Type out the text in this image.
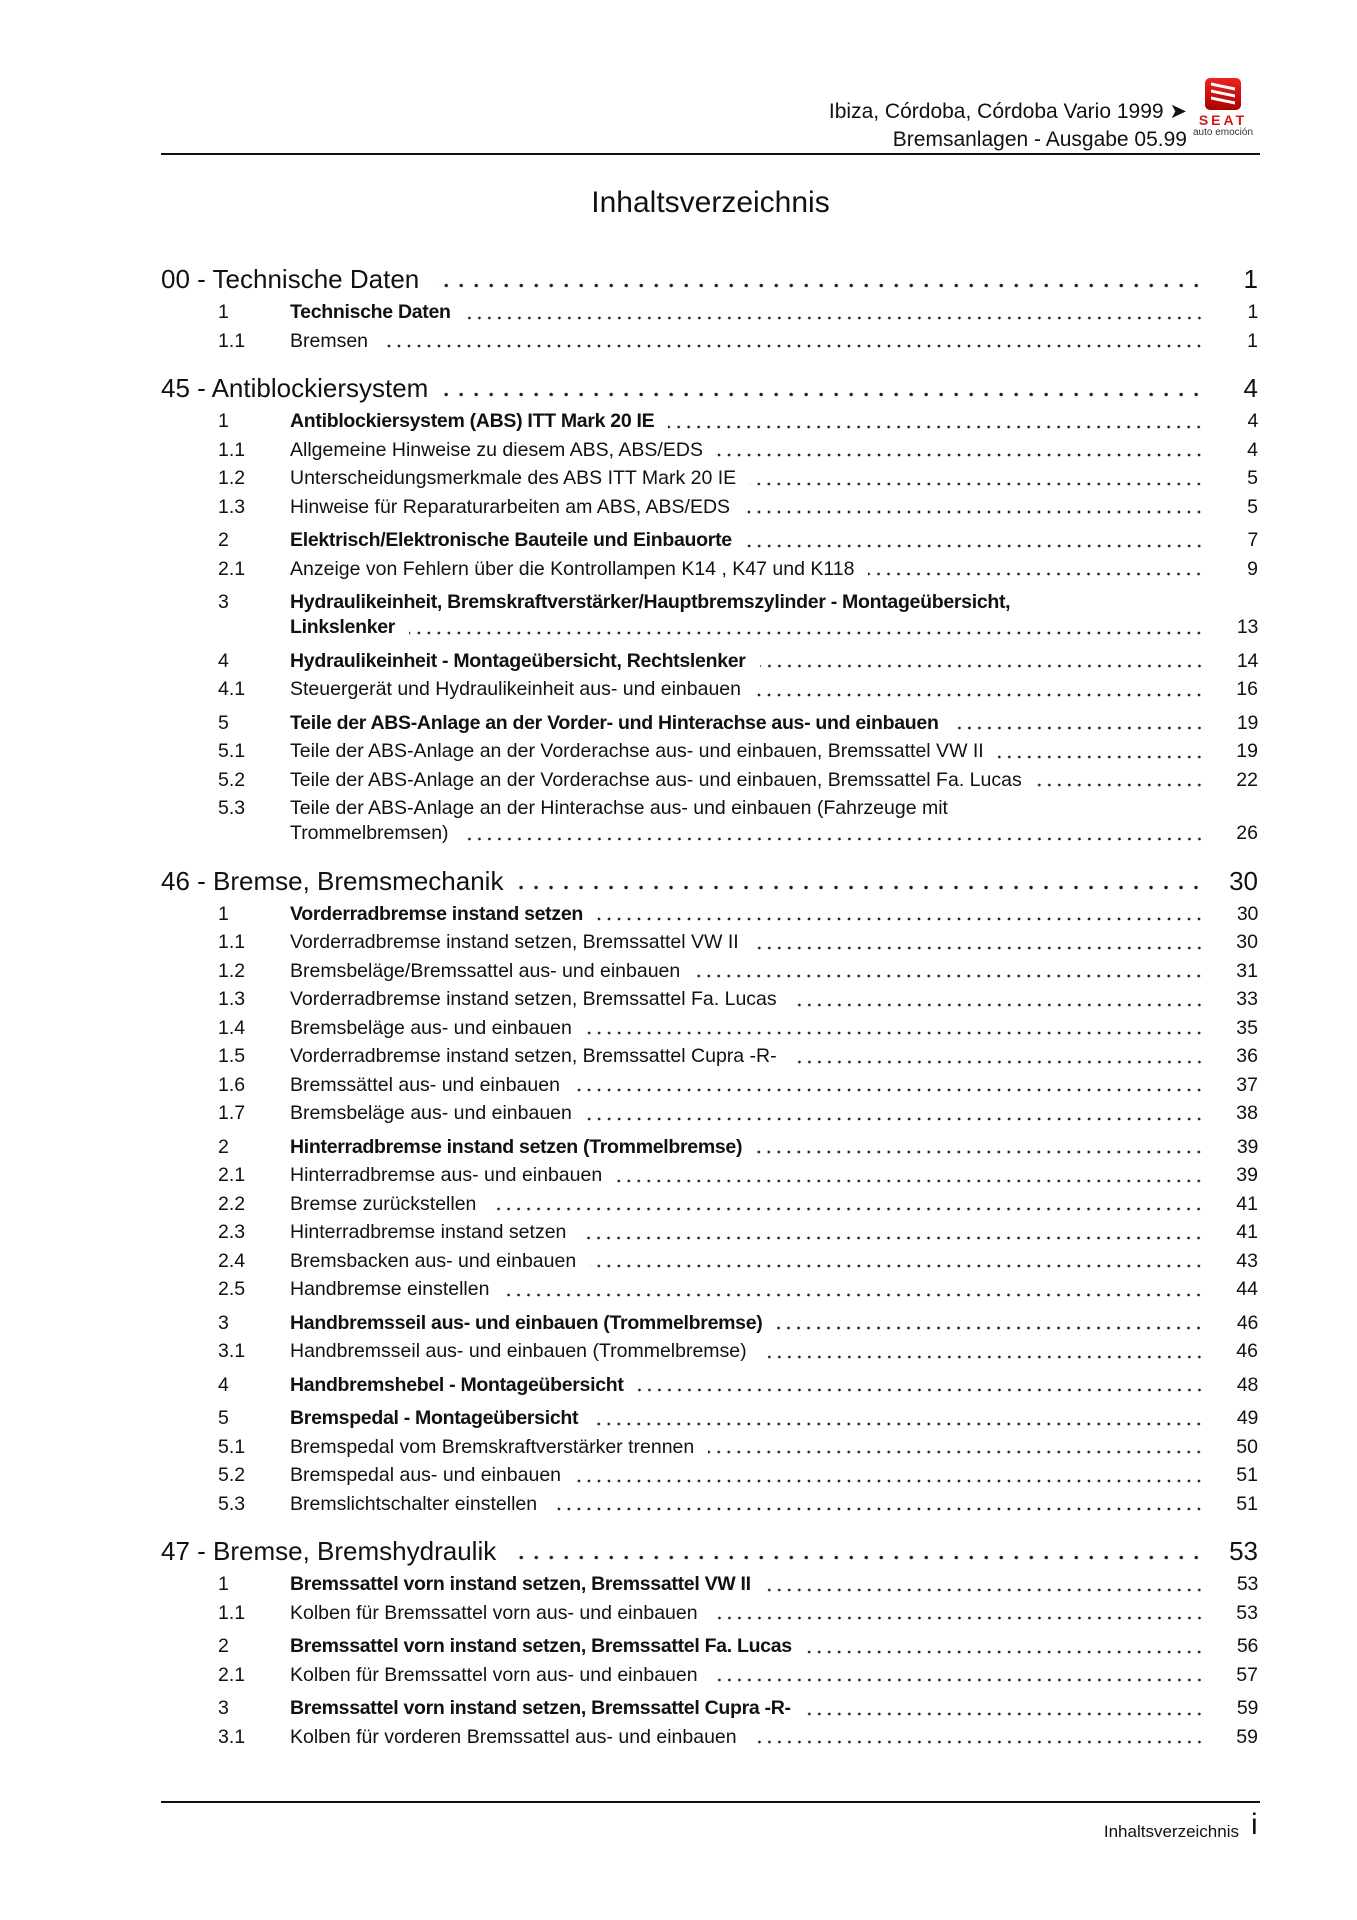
Ibiza, Córdoba, Córdoba Vario 1999 ➤
Bremsanlagen - Ausgabe 05.99
SEAT
auto emoción
Inhaltsverzeichnis
00 - Technische Daten	1
1	Technische Daten	1
1.1	Bremsen	1
45 - Antiblockiersystem	4
1	Antiblockiersystem (ABS) ITT Mark 20 IE	4
1.1	Allgemeine Hinweise zu diesem ABS, ABS/EDS	4
1.2	Unterscheidungsmerkmale des ABS ITT Mark 20 IE	5
1.3	Hinweise für Reparaturarbeiten am ABS, ABS/EDS	5
2	Elektrisch/Elektronische Bauteile und Einbauorte	7
2.1	Anzeige von Fehlern über die Kontrollampen K14 , K47 und K118	9
3	Hydraulikeinheit, Bremskraftverstärker/Hauptbremszylinder - Montageübersicht,
Linkslenker	13
4	Hydraulikeinheit - Montageübersicht, Rechtslenker	14
4.1	Steuergerät und Hydraulikeinheit aus- und einbauen	16
5	Teile der ABS-Anlage an der Vorder- und Hinterachse aus- und einbauen	19
5.1	Teile der ABS-Anlage an der Vorderachse aus- und einbauen, Bremssattel VW II	19
5.2	Teile der ABS-Anlage an der Vorderachse aus- und einbauen, Bremssattel Fa. Lucas	22
5.3	Teile der ABS-Anlage an der Hinterachse aus- und einbauen (Fahrzeuge mit
Trommelbremsen)	26
46 - Bremse, Bremsmechanik	30
1	Vorderradbremse instand setzen	30
1.1	Vorderradbremse instand setzen, Bremssattel VW II	30
1.2	Bremsbeläge/Bremssattel aus- und einbauen	31
1.3	Vorderradbremse instand setzen, Bremssattel Fa. Lucas	33
1.4	Bremsbeläge aus- und einbauen	35
1.5	Vorderradbremse instand setzen, Bremssattel Cupra -R-	36
1.6	Bremssättel aus- und einbauen	37
1.7	Bremsbeläge aus- und einbauen	38
2	Hinterradbremse instand setzen (Trommelbremse)	39
2.1	Hinterradbremse aus- und einbauen	39
2.2	Bremse zurückstellen	41
2.3	Hinterradbremse instand setzen	41
2.4	Bremsbacken aus- und einbauen	43
2.5	Handbremse einstellen	44
3	Handbremsseil aus- und einbauen (Trommelbremse)	46
3.1	Handbremsseil aus- und einbauen (Trommelbremse)	46
4	Handbremshebel - Montageübersicht	48
5	Bremspedal - Montageübersicht	49
5.1	Bremspedal vom Bremskraftverstärker trennen	50
5.2	Bremspedal aus- und einbauen	51
5.3	Bremslichtschalter einstellen	51
47 - Bremse, Bremshydraulik	53
1	Bremssattel vorn instand setzen, Bremssattel VW II	53
1.1	Kolben für Bremssattel vorn aus- und einbauen	53
2	Bremssattel vorn instand setzen, Bremssattel Fa. Lucas	56
2.1	Kolben für Bremssattel vorn aus- und einbauen	57
3	Bremssattel vorn instand setzen, Bremssattel Cupra -R-	59
3.1	Kolben für vorderen Bremssattel aus- und einbauen	59
Inhaltsverzeichnis i
